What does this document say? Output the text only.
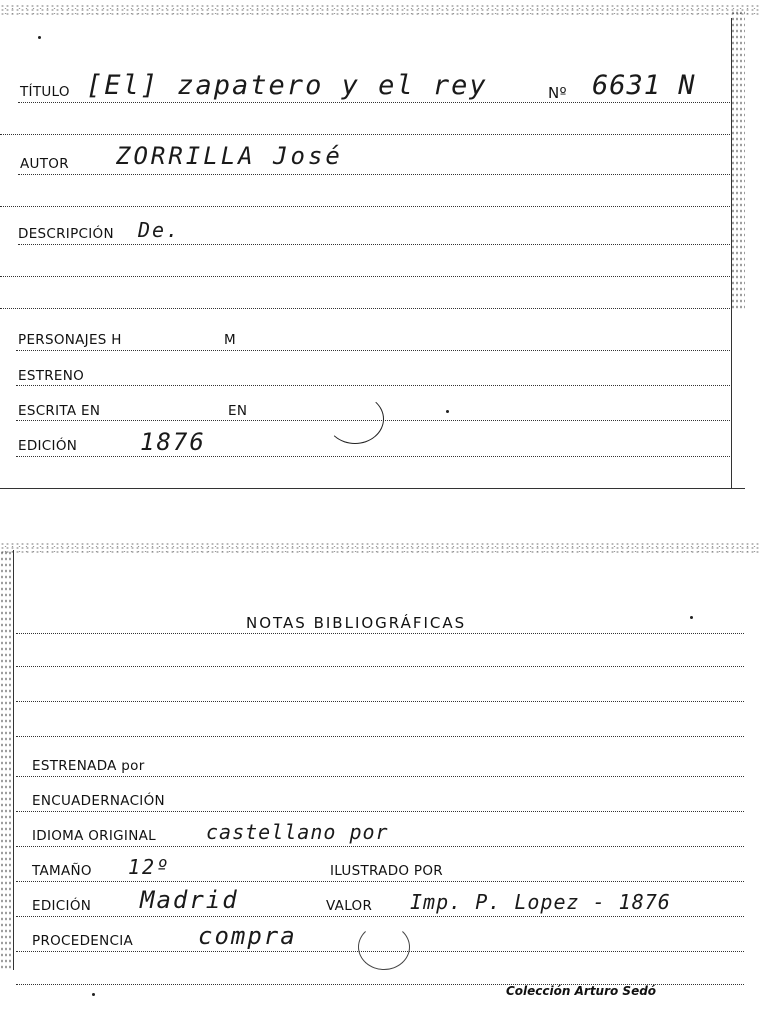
TÍTULO [El] zapatero y el rey	Nº 6631 N
AUTOR ZORRILLA José
DESCRIPCIÓN De.
PERSONAJES H	M
ESTRENO
ESCRITA EN	EN
EDICIÓN	1876
NOTAS BIBLIOGRÁFICAS
ESTRENADA por
ENCUADERNACIÓN
IDIOMA ORIGINAL	castellano por
TAMAÑO 12º	ILUSTRADO POR
EDICIÓN Madrid	VALOR Imp. P. Lopez - 1876
PROCEDENCIA	compra
Colección Arturo Sedó
